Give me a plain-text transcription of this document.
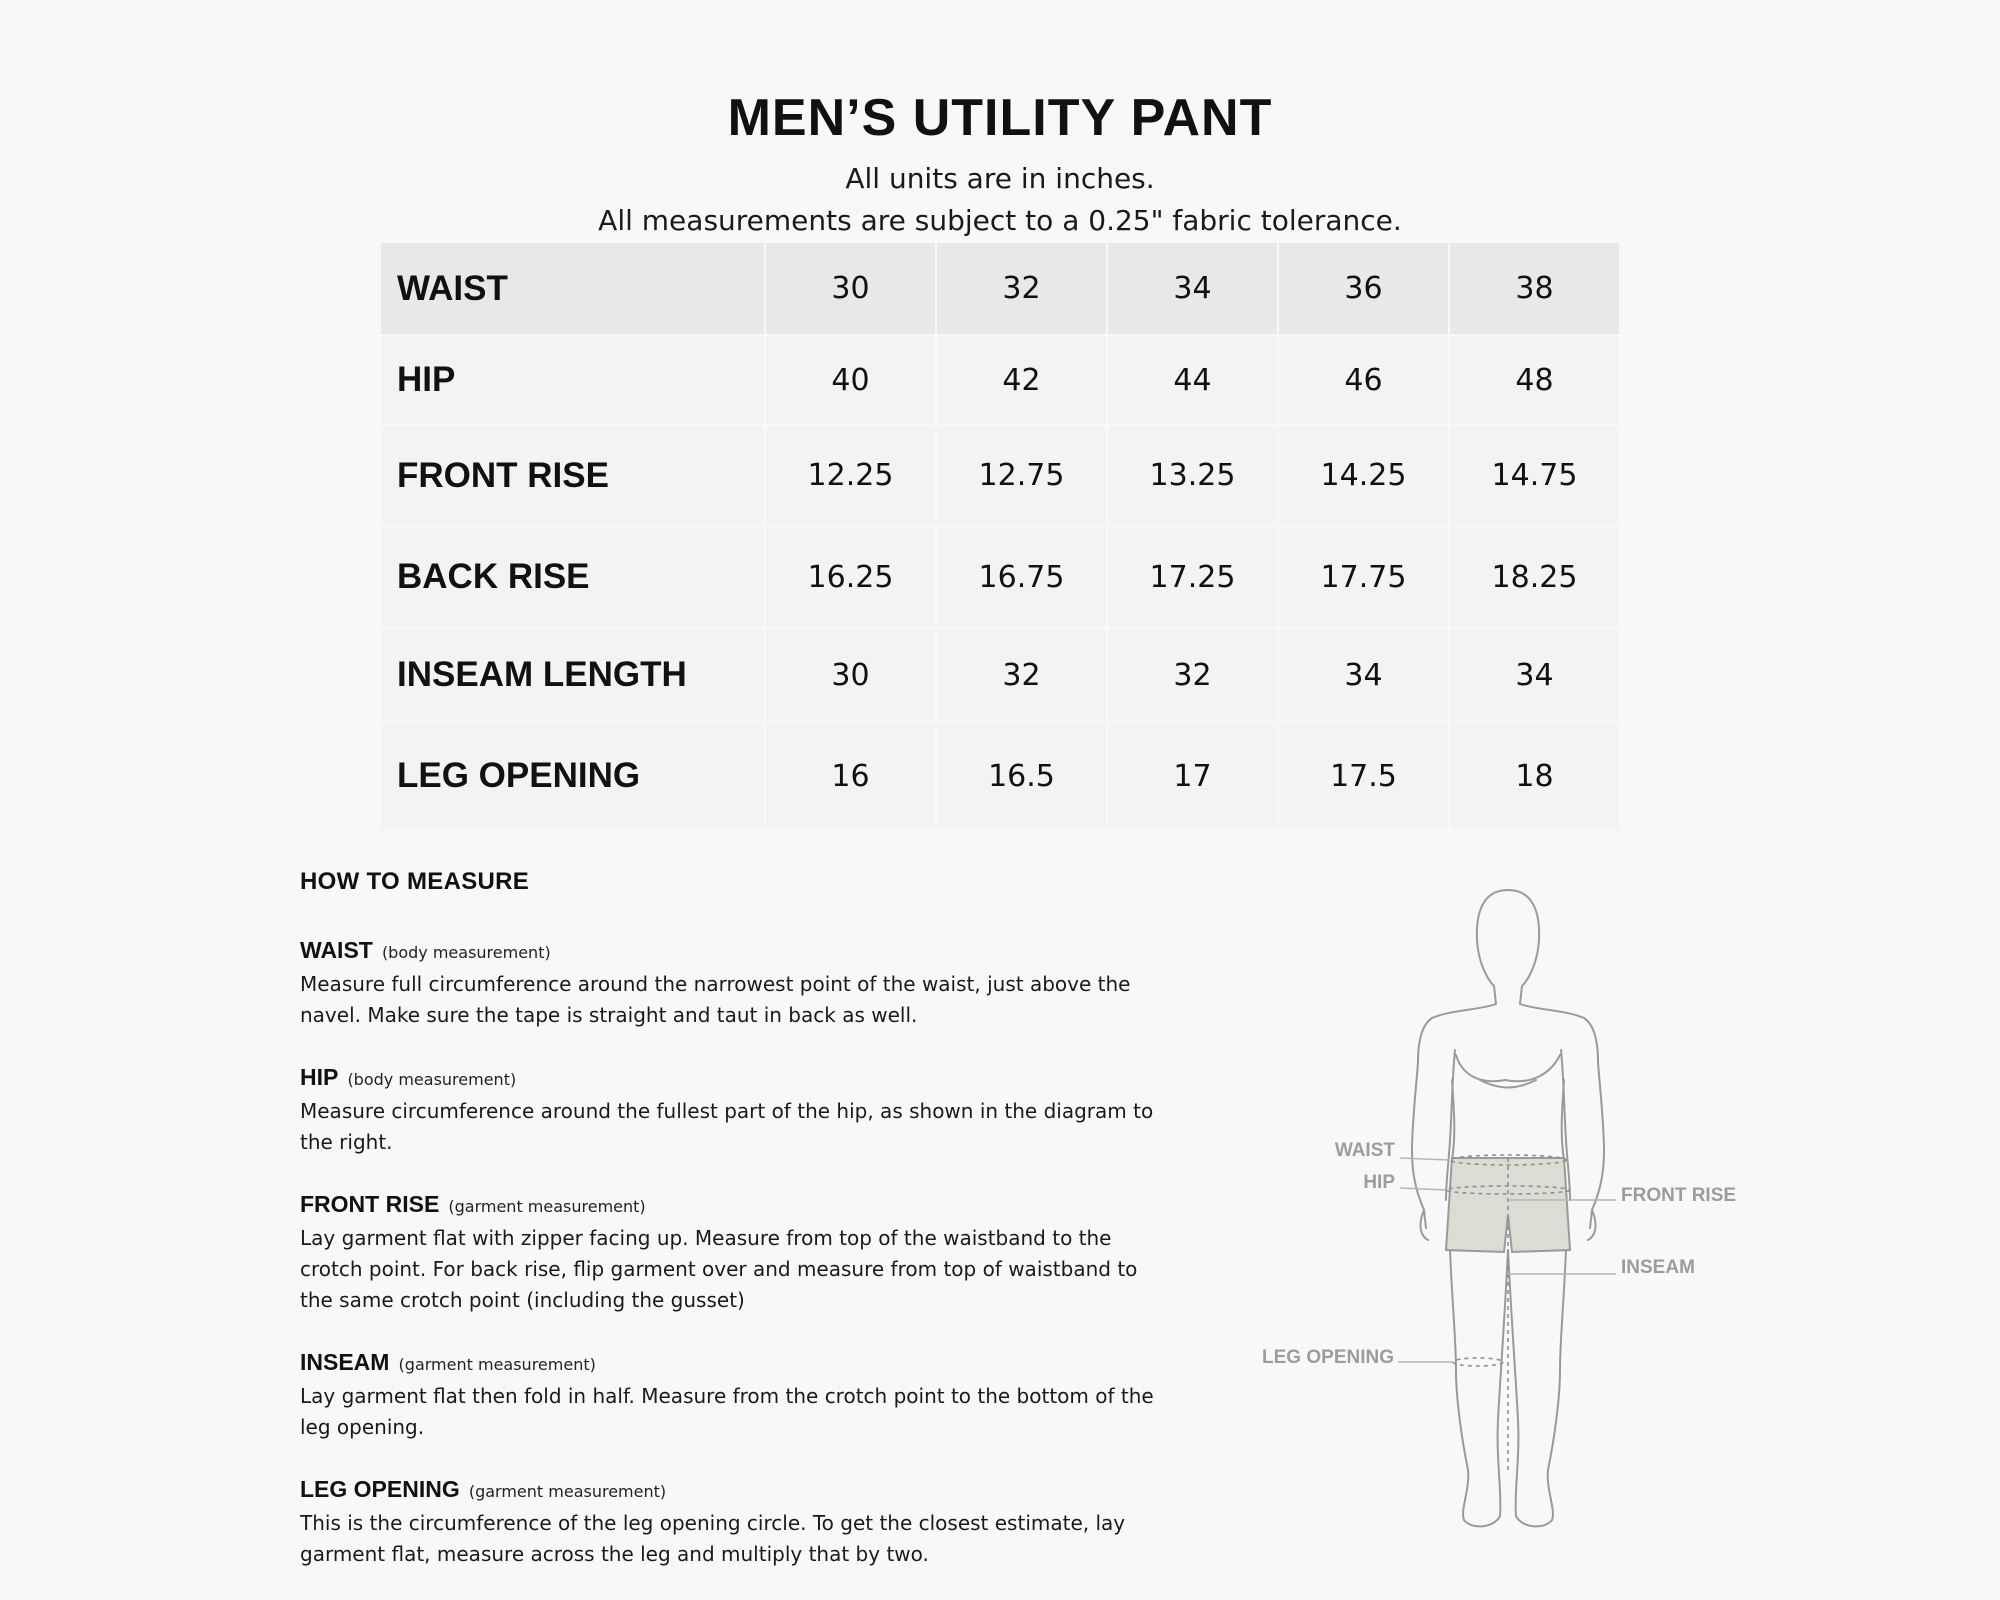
MEN’S UTILITY PANT

All units are in inches.

All measurements are subject to a 0.25" fabric tolerance.

WAIST	30	32	34	36	38
HIP	40	42	44	46	48
FRONT RISE	12.25	12.75	13.25	14.25	14.75
BACK RISE	16.25	16.75	17.25	17.75	18.25
INSEAM LENGTH	30	32	32	34	34
LEG OPENING	16	16.5	17	17.5	18
HOW TO MEASURE
WAIST (body measurement)
Measure full circumference around the narrowest point of the waist, just above the navel. Make sure the tape is straight and taut in back as well.
HIP (body measurement)
Measure circumference around the fullest part of the hip, as shown in the diagram to the right.
FRONT RISE (garment measurement)
Lay garment flat with zipper facing up. Measure from top of the waistband to the crotch point. For back rise, flip garment over and measure from top of waistband to the same crotch point (including the gusset)
INSEAM (garment measurement)
Lay garment flat then fold in half. Measure from the crotch point to the bottom of the leg opening.
LEG OPENING (garment measurement)
This is the circumference of the leg opening circle. To get the closest estimate, lay garment flat, measure across the leg and multiply that by two.
WAIST
HIP
FRONT RISE
INSEAM
LEG OPENING
